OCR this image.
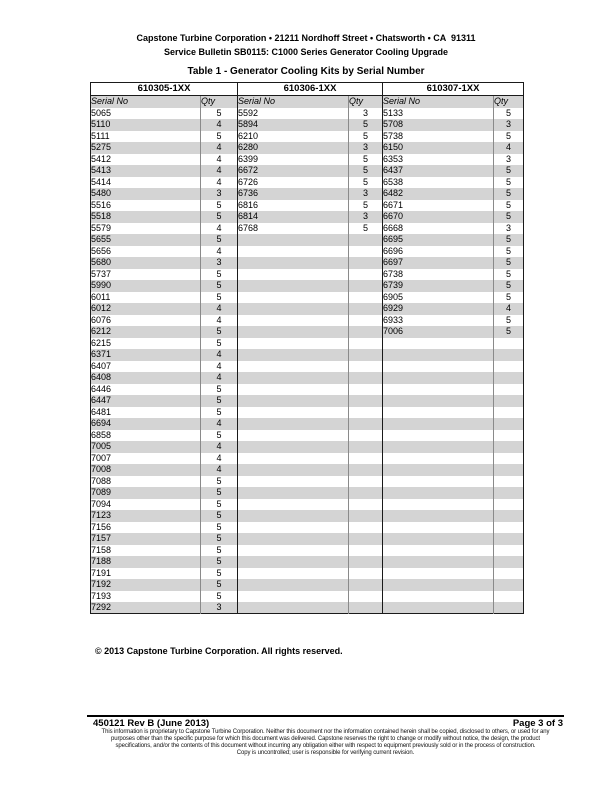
Capstone Turbine Corporation • 21211 Nordhoff Street • Chatsworth • CA  91311
Service Bulletin SB0115: C1000 Series Generator Cooling Upgrade
Table 1 - Generator Cooling Kits by Serial Number
610305-1XX		610306-1XX		610307-1XX	
Serial No	Qty	Serial No	Qty	Serial No	Qty
5065	5	5592	3	5133	5
5110	4	5894	5	5708	3
5111	5	6210	5	5738	5
5275	4	6280	3	6150	4
5412	4	6399	5	6353	3
5413	4	6672	5	6437	5
5414	4	6726	5	6538	5
5480	3	6736	3	6482	5
5516	5	6816	5	6671	5
5518	5	6814	3	6670	5
5579	4	6768	5	6668	3
5655	5			6695	5
5656	4			6696	5
5680	3			6697	5
5737	5			6738	5
5990	5			6739	5
6011	5			6905	5
6012	4			6929	4
6076	4			6933	5
6212	5			7006	5
6215	5				
6371	4				
6407	4				
6408	4				
6446	5				
6447	5				
6481	5				
6694	4				
6858	5				
7005	4				
7007	4				
7008	4				
7088	5				
7089	5				
7094	5				
7123	5				
7156	5				
7157	5				
7158	5				
7188	5				
7191	5				
7192	5				
7193	5				
7292	3				
© 2013 Capstone Turbine Corporation. All rights reserved.
450121 Rev B (June 2013)	Page 3 of 3
This information is proprietary to Capstone Turbine Corporation. Neither this document nor the information contained herein shall be copied, disclosed to others, or used for any
purposes other than the specific purpose for which this document was delivered. Capstone reserves the right to change or modify without notice, the design, the product
specifications, and/or the contents of this document without incurring any obligation either with respect to equipment previously sold or in the process of construction.
Copy is uncontrolled; user is responsible for verifying current revision.
